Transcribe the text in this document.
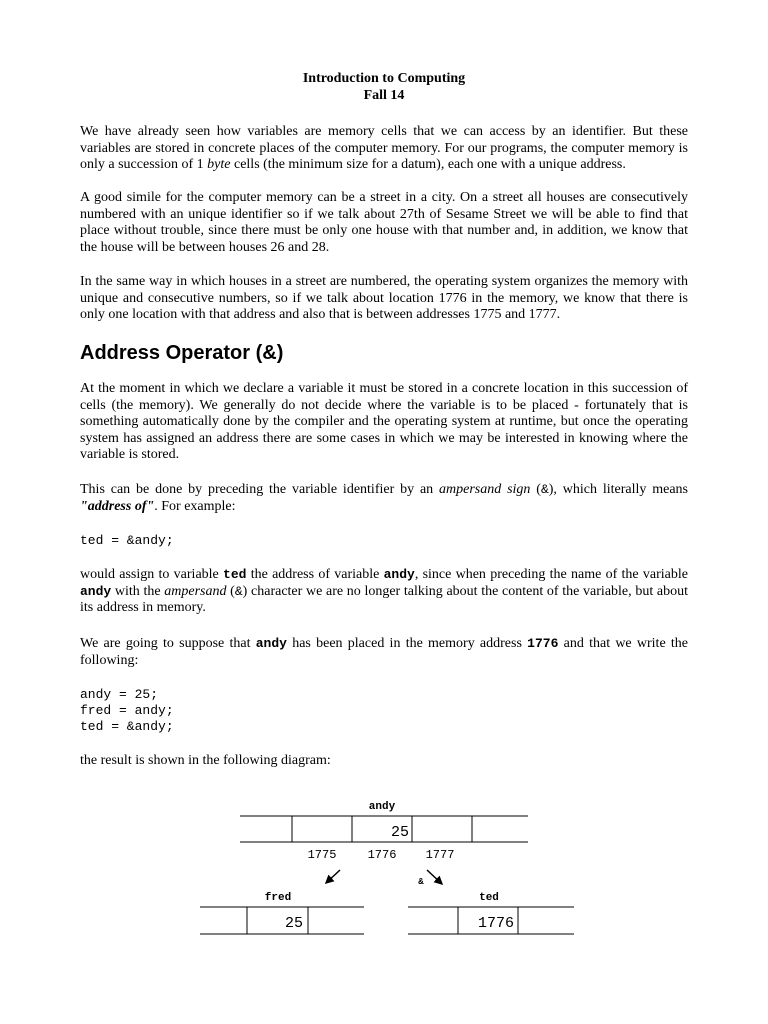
Introduction to Computing
Fall 14
We have already seen how variables are memory cells that we can access by an identifier. But these variables are stored in concrete places of the computer memory. For our programs, the computer memory is only a succession of 1 byte cells (the minimum size for a datum), each one with a unique address.
A good simile for the computer memory can be a street in a city. On a street all houses are consecutively numbered with an unique identifier so if we talk about 27th of Sesame Street we will be able to find that place without trouble, since there must be only one house with that number and, in addition, we know that the house will be between houses 26 and 28.
In the same way in which houses in a street are numbered, the operating system organizes the memory with unique and consecutive numbers, so if we talk about location 1776 in the memory, we know that there is only one location with that address and also that is between addresses 1775 and 1777.
Address Operator (&)
At the moment in which we declare a variable it must be stored in a concrete location in this succession of cells (the memory). We generally do not decide where the variable is to be placed - fortunately that is something automatically done by the compiler and the operating system at runtime, but once the operating system has assigned an address there are some cases in which we may be interested in knowing where the variable is stored.
This can be done by preceding the variable identifier by an ampersand sign (&), which literally means "address of". For example:
ted = &andy;
would assign to variable ted the address of variable andy, since when preceding the name of the variable andy with the ampersand (&) character we are no longer talking about the content of the variable, but about its address in memory.
We are going to suppose that andy has been placed in the memory address 1776 and that we write the following:
andy = 25;
fred = andy;
ted = &andy;
the result is shown in the following diagram:
andy
25
1775	1776 1777
&
fred
25
ted
1776
